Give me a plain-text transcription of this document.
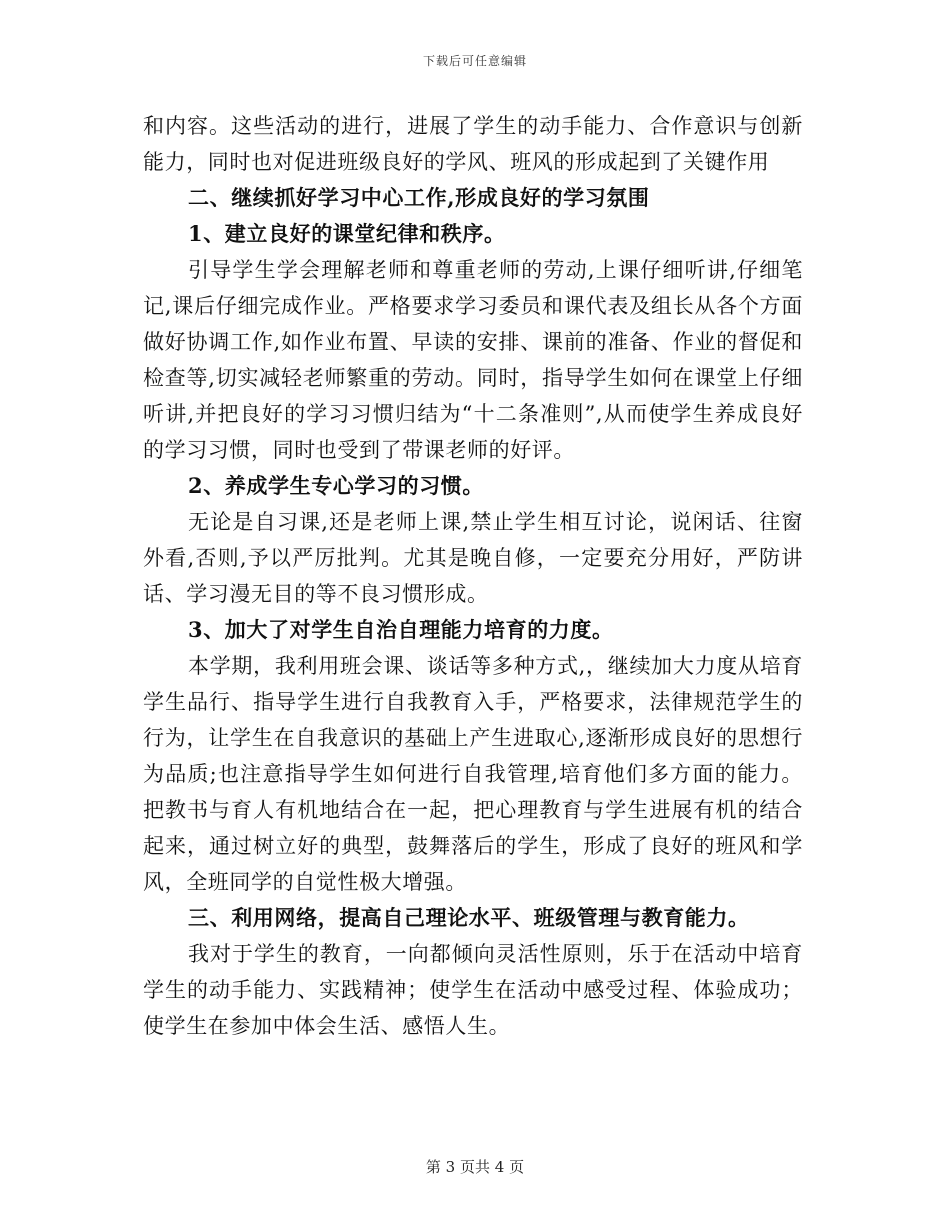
下载后可任意编辑

和内容。这些活动的进行，进展了学生的动手能力、合作意识与创新能力，同时也对促进班级良好的学风、班风的形成起到了关键作用

二、继续抓好学习中心工作,形成良好的学习氛围

1、建立良好的课堂纪律和秩序。

引导学生学会理解老师和尊重老师的劳动,上课仔细听讲,仔细笔记,课后仔细完成作业。严格要求学习委员和课代表及组长从各个方面做好协调工作,如作业布置、早读的安排、课前的准备、作业的督促和检查等,切实减轻老师繁重的劳动。同时，指导学生如何在课堂上仔细听讲,并把良好的学习习惯归结为“十二条准则”,从而使学生养成良好的学习习惯，同时也受到了带课老师的好评。

2、养成学生专心学习的习惯。

无论是自习课,还是老师上课,禁止学生相互讨论，说闲话、往窗外看,否则,予以严厉批判。尤其是晚自修，一定要充分用好，严防讲话、学习漫无目的等不良习惯形成。

3、加大了对学生自治自理能力培育的力度。

本学期，我利用班会课、谈话等多种方式,，继续加大力度从培育学生品行、指导学生进行自我教育入手，严格要求，法律规范学生的行为，让学生在自我意识的基础上产生进取心,逐渐形成良好的思想行为品质;也注意指导学生如何进行自我管理,培育他们多方面的能力。把教书与育人有机地结合在一起，把心理教育与学生进展有机的结合起来，通过树立好的典型，鼓舞落后的学生，形成了良好的班风和学风，全班同学的自觉性极大增强。

三、利用网络，提高自己理论水平、班级管理与教育能力。

我对于学生的教育，一向都倾向灵活性原则，乐于在活动中培育学生的动手能力、实践精神；使学生在活动中感受过程、体验成功；使学生在参加中体会生活、感悟人生。

第 3 页共 4 页
